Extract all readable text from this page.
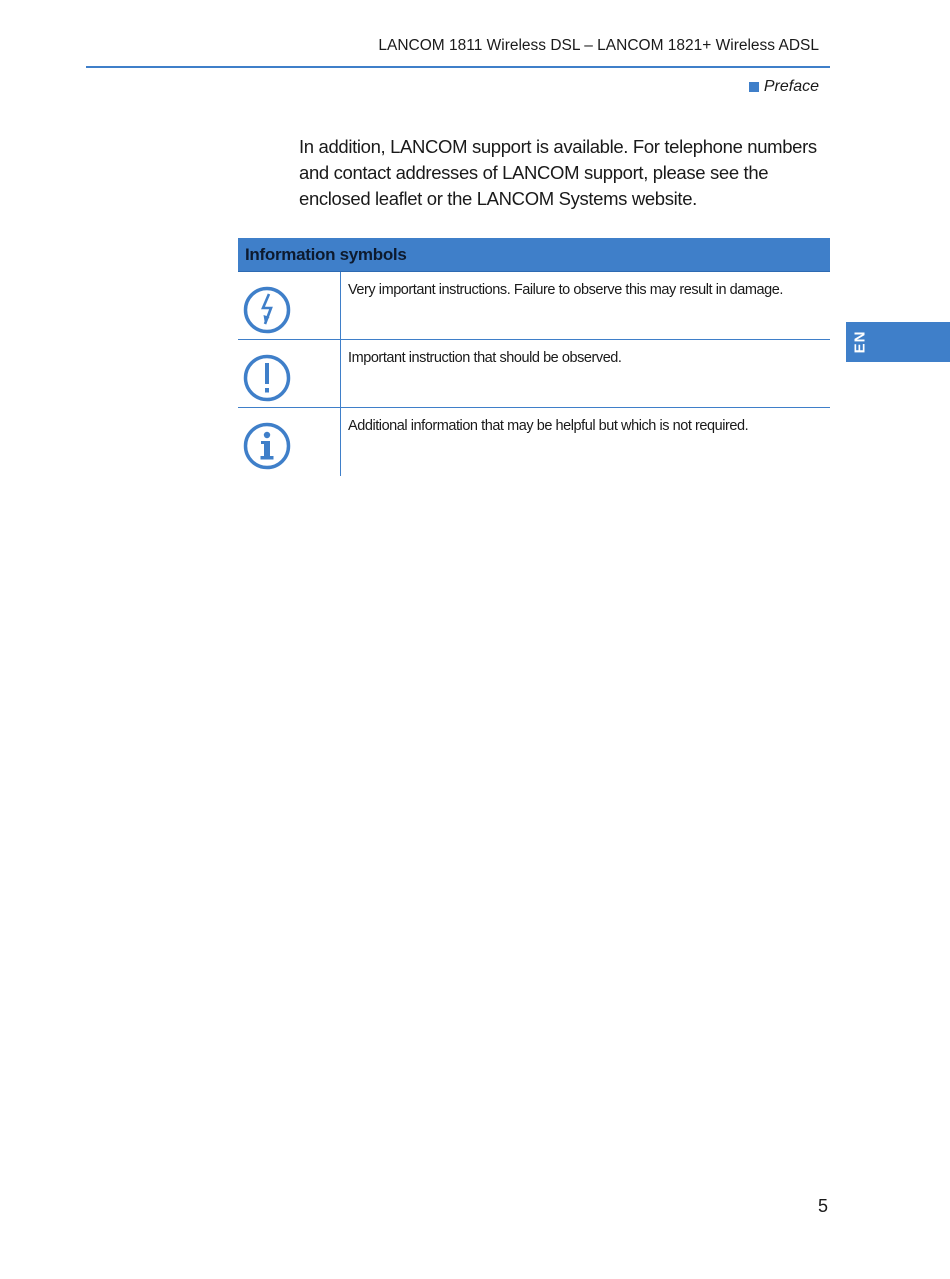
LANCOM 1811 Wireless DSL – LANCOM 1821+ Wireless ADSL
Preface

In addition, LANCOM support is available. For telephone numbers and contact addresses of LANCOM support, please see the enclosed leaflet or the LANCOM Systems website.

Information symbols
Very important instructions. Failure to observe this may result in damage.
Important instruction that should be observed.
Additional information that may be helpful but which is not required.
EN
5
